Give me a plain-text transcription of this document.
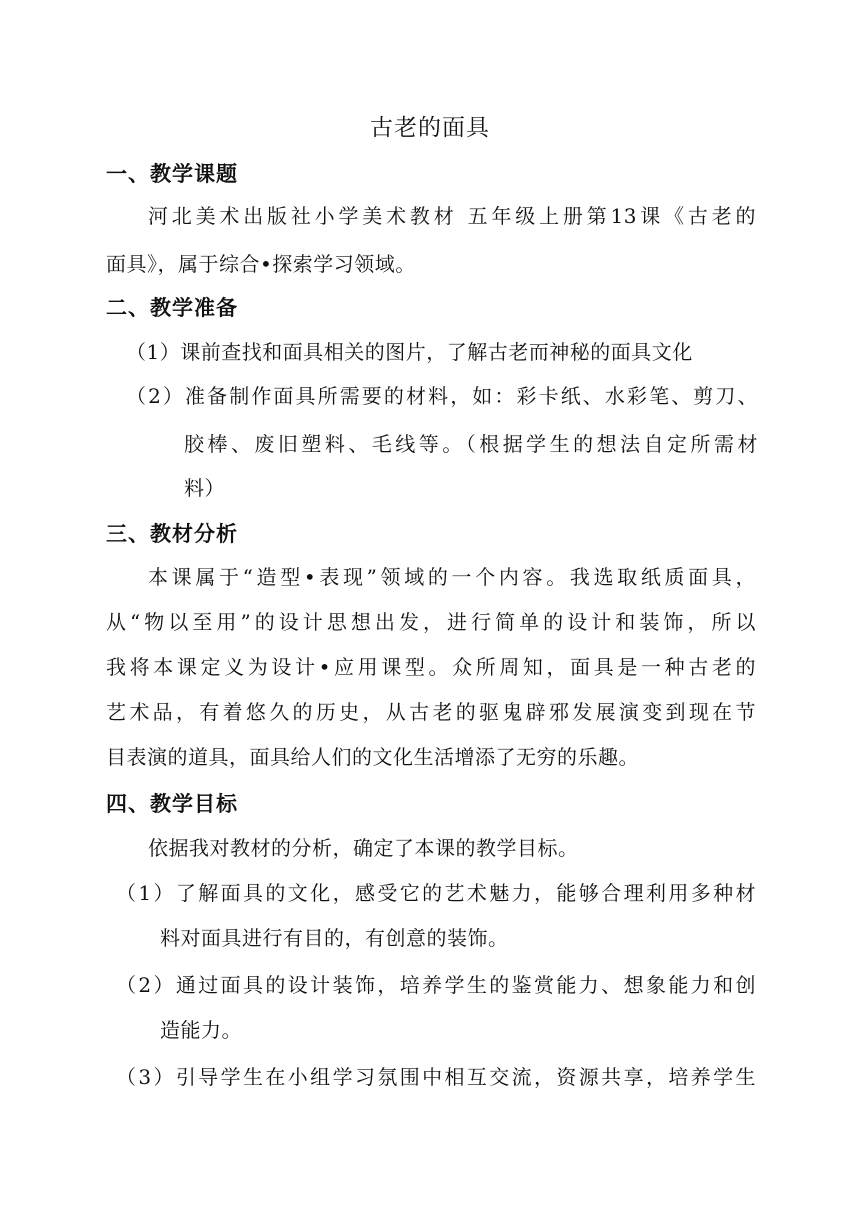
古老的面具
一、教学课题
河北美术出版社小学美术教材 五年级上册第13课《古老的
面具》，属于综合•探索学习领域。
二、教学准备
（1）课前查找和面具相关的图片，了解古老而神秘的面具文化
（2）准备制作面具所需要的材料，如：彩卡纸、水彩笔、剪刀、
胶棒、废旧塑料、毛线等。（根据学生的想法自定所需材
料）
三、教材分析
本课属于“造型•表现”领域的一个内容。我选取纸质面具，
从“物以至用”的设计思想出发，进行简单的设计和装饰，所以
我将本课定义为设计•应用课型。众所周知，面具是一种古老的
艺术品，有着悠久的历史，从古老的驱鬼辟邪发展演变到现在节
目表演的道具，面具给人们的文化生活增添了无穷的乐趣。
四、教学目标
依据我对教材的分析，确定了本课的教学目标。
（1）了解面具的文化，感受它的艺术魅力，能够合理利用多种材
料对面具进行有目的，有创意的装饰。
（2）通过面具的设计装饰，培养学生的鉴赏能力、想象能力和创
造能力。
（3）引导学生在小组学习氛围中相互交流，资源共享，培养学生
